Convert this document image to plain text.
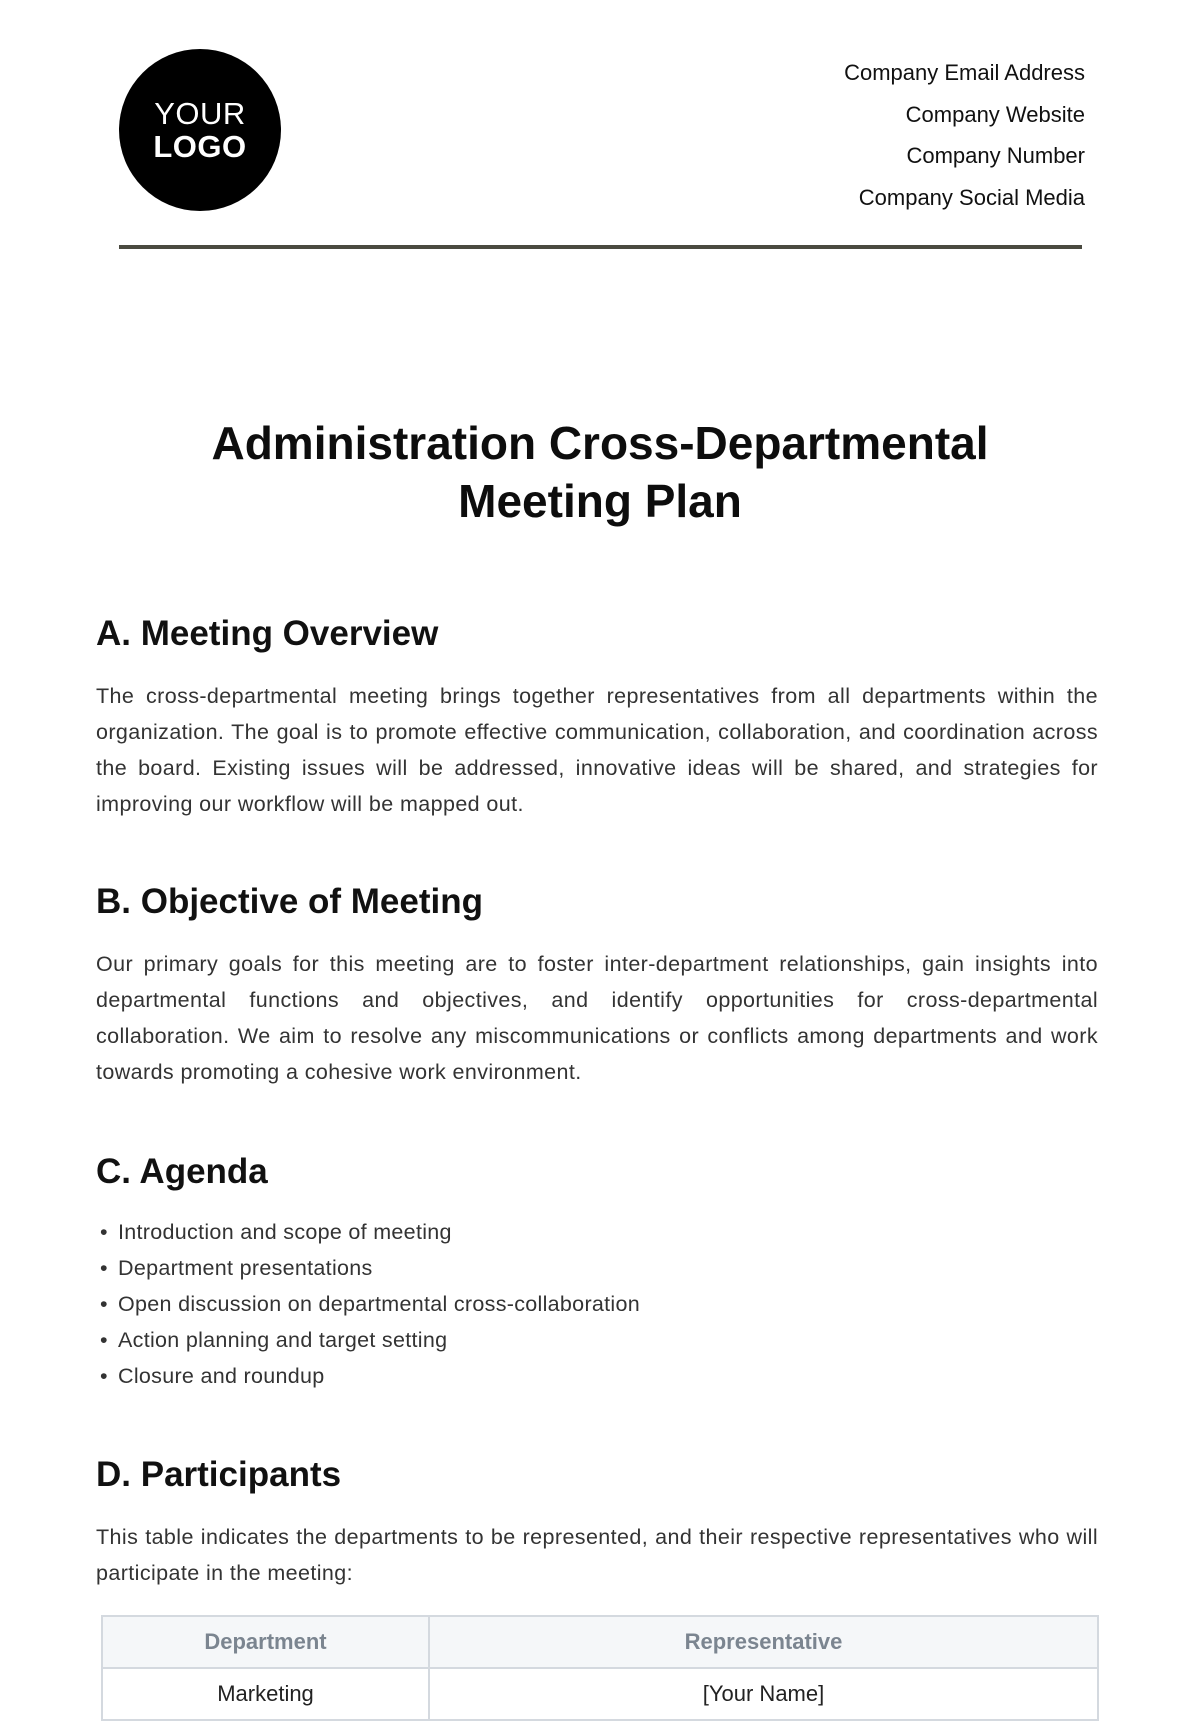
YOUR
LOGO
Company Email Address
Company Website
Company Number
Company Social Media
Administration Cross-Departmental
Meeting Plan
A. Meeting Overview

The cross-departmental meeting brings together representatives from all departments within the organization. The goal is to promote effective communication, collaboration, and coordination across the board. Existing issues will be addressed, innovative ideas will be shared, and strategies for improving our workflow will be mapped out.

B. Objective of Meeting

Our primary goals for this meeting are to foster inter-department relationships, gain insights into departmental functions and objectives, and identify opportunities for cross-departmental collaboration. We aim to resolve any miscommunications or conflicts among departments and work towards promoting a cohesive work environment.

C. Agenda
• Introduction and scope of meeting
• Department presentations
• Open discussion on departmental cross-collaboration
• Action planning and target setting
• Closure and roundup
D. Participants

This table indicates the departments to be represented, and their respective representatives who will participate in the meeting:

Department	Representative
Marketing	[Your Name]
